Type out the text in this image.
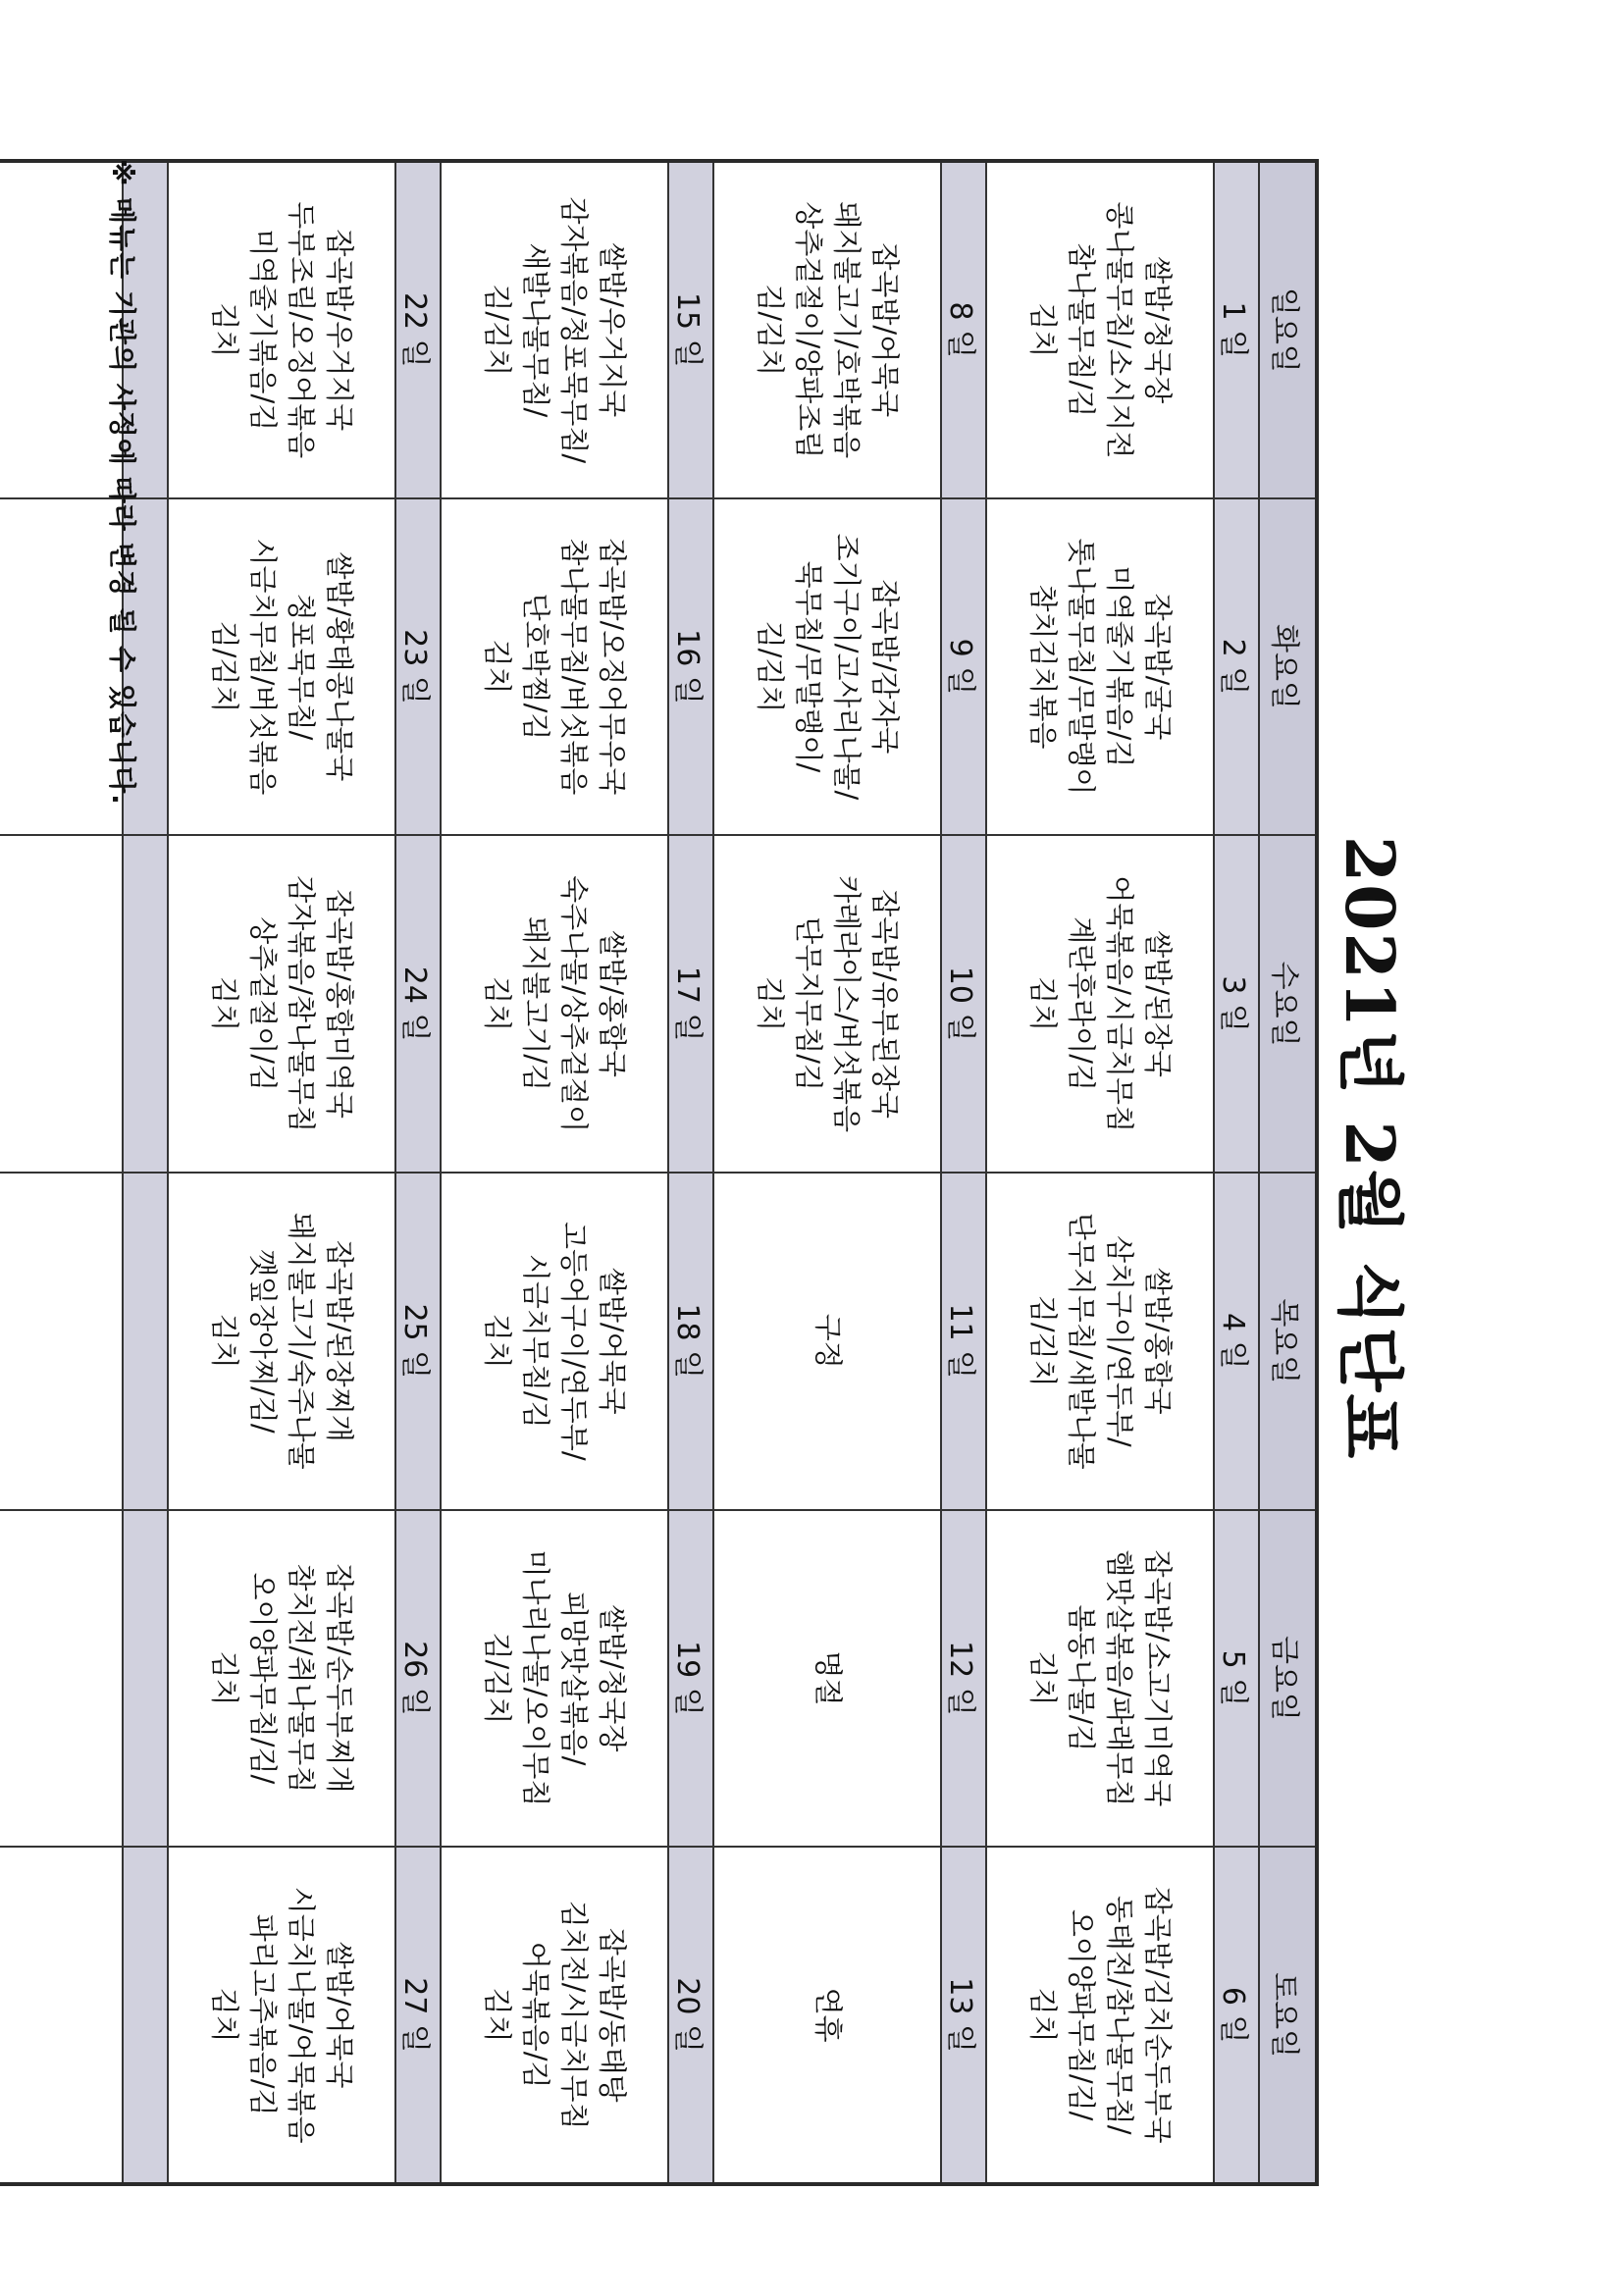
2021년 2월 식단표
일요일	화요일	수요일	목요일	금요일	토요일
1 일	2 일	3 일	4 일	5 일	6 일

쌀밥/청국장
콩나물무침/소시지전
참나물무침/김
김치	잡곡밥/굴국
미역줄기볶음/김
톳나물무침/무말랭이
참치김치볶음	쌀밥/된장국
어묵볶음/시금치무침
계란후라이/김
김치	쌀밥/홍합국
삼치구이/연두부/
단무지무침/새발나물
김/김치	잡곡밥/소고기미역국
햄맛살볶음/파래무침
봄동나물/김
김치	잡곡밥/김치순두부국
동태전/참나물무침/
오이양파무침/김/
김치

8 일	9 일	10 일	11 일	12 일	13 일

잡곡밥/어묵국
돼지불고기/호박볶음
상추겉절이/양파조림
김/김치	잡곡밥/감자국
조기구이/고사리나물/
묵무침/무말랭이/
김/김치	잡곡밥/유부된장국
카레라이스/버섯볶음
단무지무침/김
김치	구정	명절	연휴

15 일	16 일	17 일	18 일	19 일	20 일

쌀밥/우거지국
감자볶음/청포묵무침/
새발나물무침/
김/김치	잡곡밥/오징어무우국
참나물무침/버섯볶음
단호박찜/김
김치	쌀밥/홍합국
숙주나물/상추겉절이
돼지불고기/김
김치	쌀밥/어묵국
고등어구이/연두부/
시금치무침/김
김치	쌀밥/청국장
피망맛살볶음/
미나리나물/오이무침
김/김치	잡곡밥/동태탕
김치전/시금치무침
어묵볶음/김
김치

22 일	23 일	24 일	25 일	26 일	27 일

잡곡밥/우거지국
두부조림/오징어볶음
미역줄기볶음/김
김치	쌀밥/황태콩나물국
청포묵무침/
시금치무침/버섯볶음
김/김치	잡곡밥/홍합미역국
감자볶음/참나물무침
상추겉절이/김
김치	잡곡밥/된장찌개
돼지불고기/숙주나물
깻잎장아찌/김/
김치	잡곡밥/순두부찌개
참치전/취나물무침
오이양파무침/김/
김치	쌀밥/어묵국
시금치나물/어묵볶음
파리고추볶음/김
김치

※ 메뉴는 기관의 사정에 따라 변경 될 수 있습니다.
